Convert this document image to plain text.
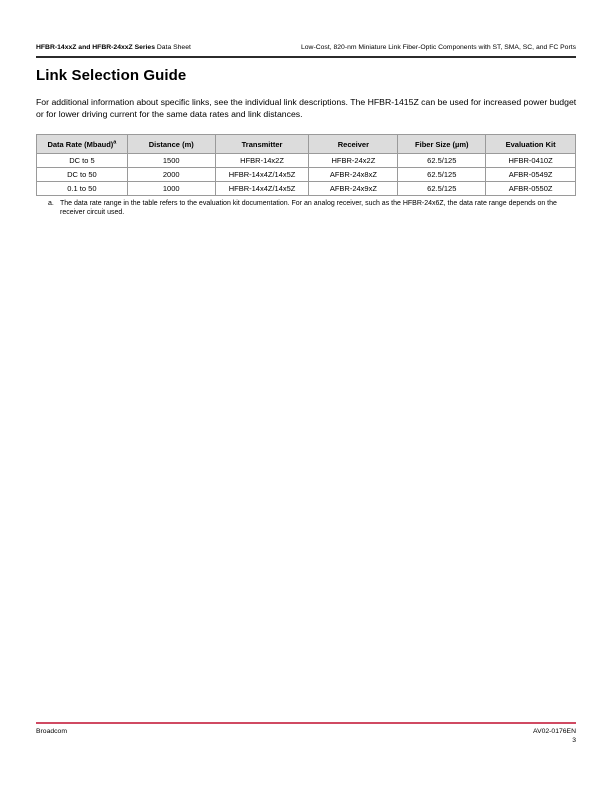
HFBR-14xxZ and HFBR-24xxZ Series Data Sheet	Low-Cost, 820-nm Miniature Link Fiber-Optic Components with ST, SMA, SC, and FC Ports
Link Selection Guide

For additional information about specific links, see the individual link descriptions. The HFBR-1415Z can be used for increased power budget or for lower driving current for the same data rates and link distances.

Data Rate (Mbaud)$^a$	Distance (m)	Transmitter	Receiver	Fiber Size (µm)	Evaluation Kit
DC to 5	1500	HFBR-14x2Z	HFBR-24x2Z	62.5/125	HFBR-0410Z
DC to 50	2000	HFBR-14x4Z/14x5Z	AFBR-24x8xZ	62.5/125	AFBR-0549Z
0.1 to 50	1000	HFBR-14x4Z/14x5Z	AFBR-24x9xZ	62.5/125	AFBR-0550Z
a. The data rate range in the table refers to the evaluation kit documentation. For an analog receiver, such as the HFBR-24x6Z, the data rate range depends on the receiver circuit used.
Broadcom	AV02-0176EN
3
